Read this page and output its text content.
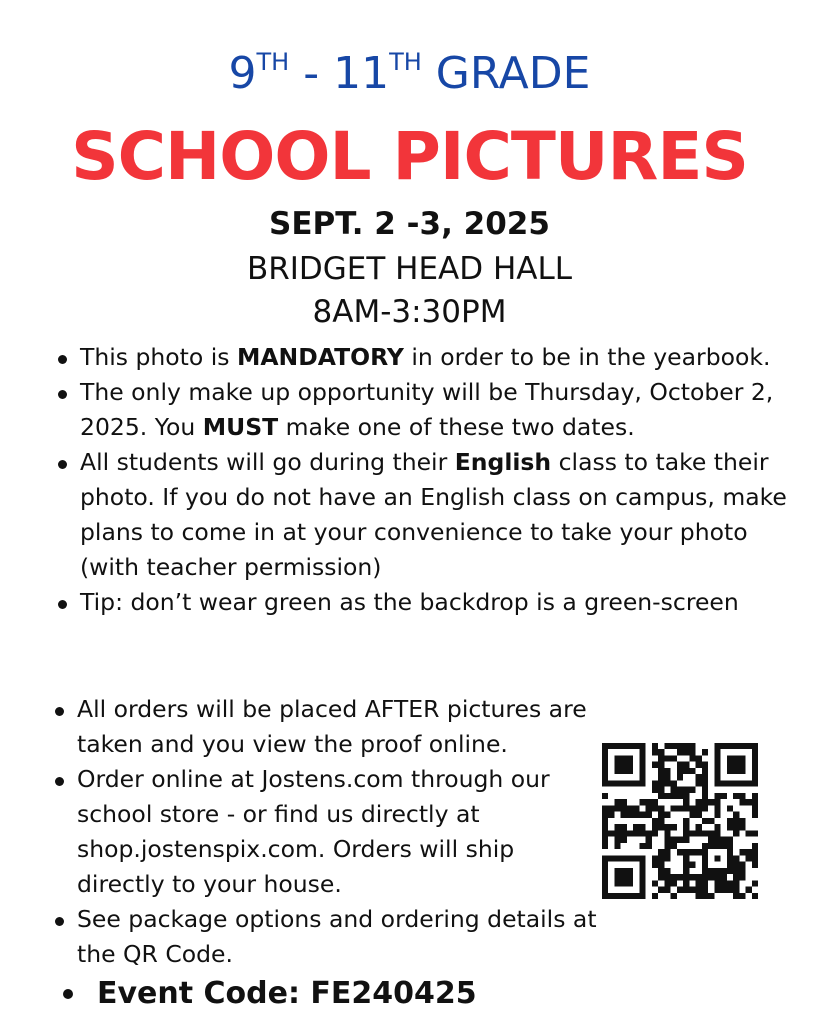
9TH - 11TH GRADE
SCHOOL PICTURES
SEPT. 2 -3, 2025
BRIDGET HEAD HALL
8AM-3:30PM
This photo is MANDATORY in order to be in the yearbook.
The only make up opportunity will be Thursday, October 2, 2025. You MUST make one of these two dates.
All students will go during their English class to take their photo. If you do not have an English class on campus, make plans to come in at your convenience to take your photo (with teacher permission)
Tip: don’t wear green as the backdrop is a green-screen
All orders will be placed AFTER pictures are taken and you view the proof online.
Order online at Jostens.com through our school store - or find us directly at shop.jostenspix.com. Orders will ship directly to your house.
See package options and ordering details at the QR Code.
Event Code: FE240425
